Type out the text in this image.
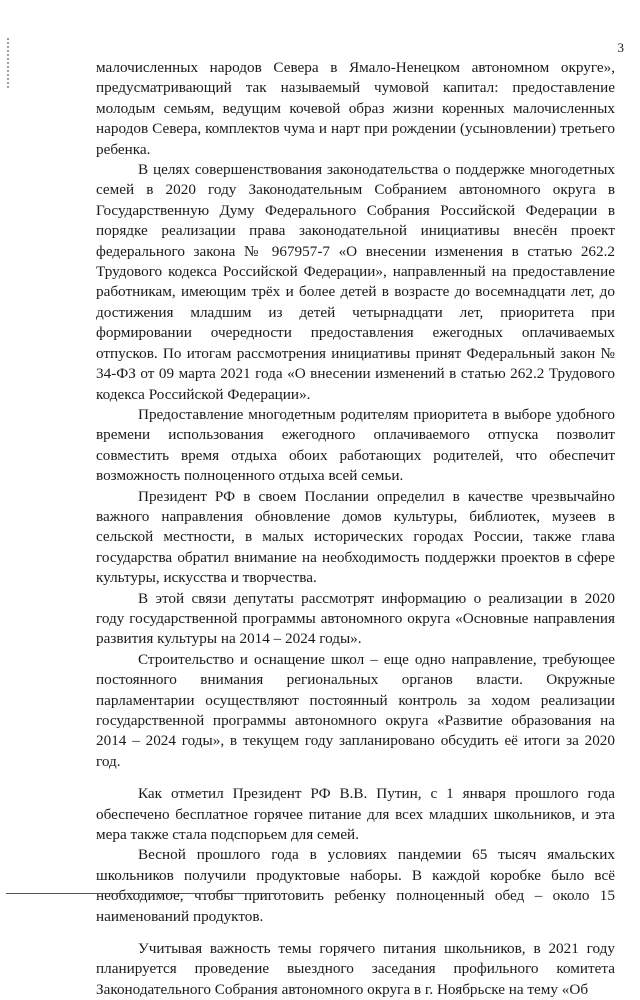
3

малочисленных народов Севера в Ямало-Ненецком автономном округе», предусматривающий так называемый чумовой капитал: предоставление молодым семьям, ведущим кочевой образ жизни коренных малочисленных народов Севера, комплектов чума и нарт при рождении (усыновлении) третьего ребенка.

В целях совершенствования законодательства о поддержке многодетных семей в 2020 году Законодательным Собранием автономного округа в Государственную Думу Федерального Собрания Российской Федерации в порядке реализации права законодательной инициативы внесён проект федерального закона № 967957-7 «О внесении изменения в статью 262.2 Трудового кодекса Российской Федерации», направленный на предоставление работникам, имеющим трёх и более детей в возрасте до восемнадцати лет, до достижения младшим из детей четырнадцати лет, приоритета при формировании очередности предоставления ежегодных оплачиваемых отпусков. По итогам рассмотрения инициативы принят Федеральный закон № 34-ФЗ от 09 марта 2021 года «О внесении изменений в статью 262.2 Трудового кодекса Российской Федерации».

Предоставление многодетным родителям приоритета в выборе удобного времени использования ежегодного оплачиваемого отпуска позволит совместить время отдыха обоих работающих родителей, что обеспечит возможность полноценного отдыха всей семьи.

Президент РФ в своем Послании определил в качестве чрезвычайно важного направления обновление домов культуры, библиотек, музеев в сельской местности, в малых исторических городах России, также глава государства обратил внимание на необходимость поддержки проектов в сфере культуры, искусства и творчества.

В этой связи депутаты рассмотрят информацию о реализации в 2020 году государственной программы автономного округа «Основные направления развития культуры на 2014 – 2024 годы».

Строительство и оснащение школ – еще одно направление, требующее постоянного внимания региональных органов власти. Окружные парламентарии осуществляют постоянный контроль за ходом реализации государственной программы автономного округа «Развитие образования на 2014 – 2024 годы», в текущем году запланировано обсудить её итоги за 2020 год.

Как отметил Президент РФ В.В. Путин, с 1 января прошлого года обеспечено бесплатное горячее питание для всех младших школьников, и эта мера также стала подспорьем для семей.

Весной прошлого года в условиях пандемии 65 тысяч ямальских школьников получили продуктовые наборы. В каждой коробке было всё необходимое, чтобы приготовить ребенку полноценный обед – около 15 наименований продуктов.

Учитывая важность темы горячего питания школьников, в 2021 году планируется проведение выездного заседания профильного комитета Законодательного Собрания автономного округа в г. Ноябрьске на тему «Об
